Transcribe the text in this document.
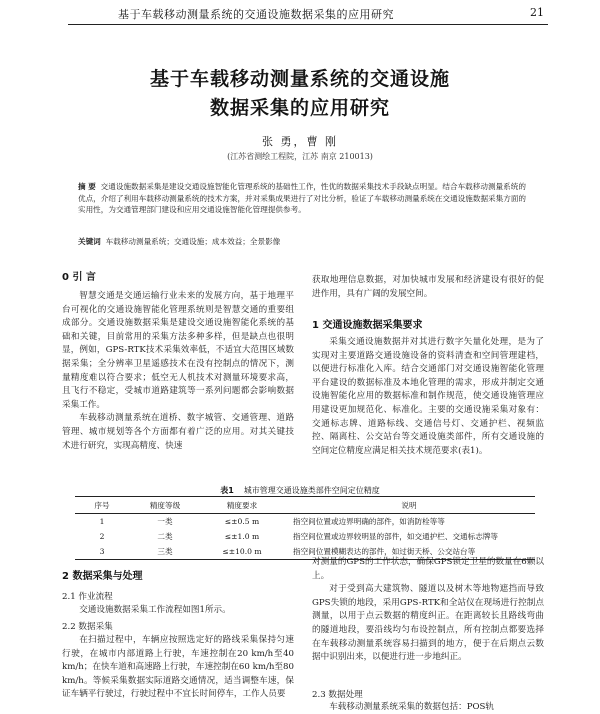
基于车载移动测量系统的交通设施数据采集的应用研究	21
基于车载移动测量系统的交通设施
数据采集的应用研究
张 勇，曹 刚
(江苏省测绘工程院，江苏 南京 210013)
摘 要 交通设施数据采集是建设交通设施智能化管理系统的基础性工作，性优的数据采集技术手段缺点明显。结合车载移动测量系统的优点，介绍了利用车载移动测量系统的技术方案，并对采集成果进行了对比分析，验证了车载移动测量系统在交通设施数据采集方面的实用性，为交通管理部门建设和应用交通设施智能化管理提供参考。
关键词 车载移动测量系统；交通设施；成本效益；全景影像
0 引 言

智慧交通是交通运输行业未来的发展方向，基于地理平台可视化的交通设施智能化管理系统则是智慧交通的重要组成部分。交通设施数据采集是建设交通设施智能化系统的基础和关键，目前常用的采集方法多种多样，但是缺点也很明显，例如，GPS-RTK技术采集效率低，不适宜大范围区域数据采集；全分辨率卫星遥感技术在没有控制点的情况下，测量精度难以符合要求；低空无人机技术对测量环境要求高，且飞行不稳定，受城市道路建筑等一系列问题都会影响数据采集工作。

车载移动测量系统在道桥、数字城管、交通管理、道路管理、城市规划等各个方面都有着广泛的应用。对其关键技术进行研究，实现高精度、快速

获取地理信息数据，对加快城市发展和经济建设有很好的促进作用，具有广阔的发展空间。

1 交通设施数据采集要求

采集交通设施数据并对其进行数字矢量化处理，是为了实现对主要道路交通设施设备的资料清查和空间管理建档，以便进行标准化入库。结合交通部门对交通设施智能化管理平台建设的数据标准及本地化管理的需求，形成并制定交通设施智能化应用的数据标准和制作规范，使交通设施管理应用建设更加规范化、标准化。主要的交通设施采集对象有：交通标志牌、道路标线、交通信号灯、交通护栏、视频监控、隔离柱、公交站台等交通设施类部件，所有交通设施的空间定位精度应满足相关技术规范要求(表1)。

表1 城市管理交通设施类部件空间定位精度
序号	精度等级	精度要求	说明
1	一类	≤±0.5 m	指空间位置或边界明确的部件，如消防栓等等
2	二类	≤±1.0 m	指空间位置或边界较明显的部件，如交通护栏、交通标志牌等
3	三类	≤±10.0 m	指空间位置模糊表达的部件，如过街天桥、公交站台等
2 数据采集与处理
2.1 作业流程

交通设施数据采集工作流程如图1所示。

2.2 数据采集

在扫描过程中，车辆应按照选定好的路线采集保持匀速行驶，在城市内部道路上行驶，车速控制在20 km/h至40 km/h；在快车道和高速路上行驶，车速控制在60 km/h至80 km/h。等候采集数据实际道路交通情况，适当调整车速，保证车辆平行驶过，行驶过程中不宜长时间停车，工作人员要

对测量的GPS的工作状态，确保GPS锁定卫星的数量在6颗以上。

对于受到高大建筑物、隧道以及树木等地物遮挡而导致GPS失锁的地段，采用GPS-RTK和全站仪在现场进行控制点测量，以用于点云数据的精度纠正。在距离较长且路线弯曲的隧道地段，要沿线均匀布设控制点，所有控制点都要选择在车载移动测量系统容易扫描到的地方，便于在后期点云数据中识别出来，以便进行进一步地纠正。

2.3 数据处理

车载移动测量系统采集的数据包括：POS轨
